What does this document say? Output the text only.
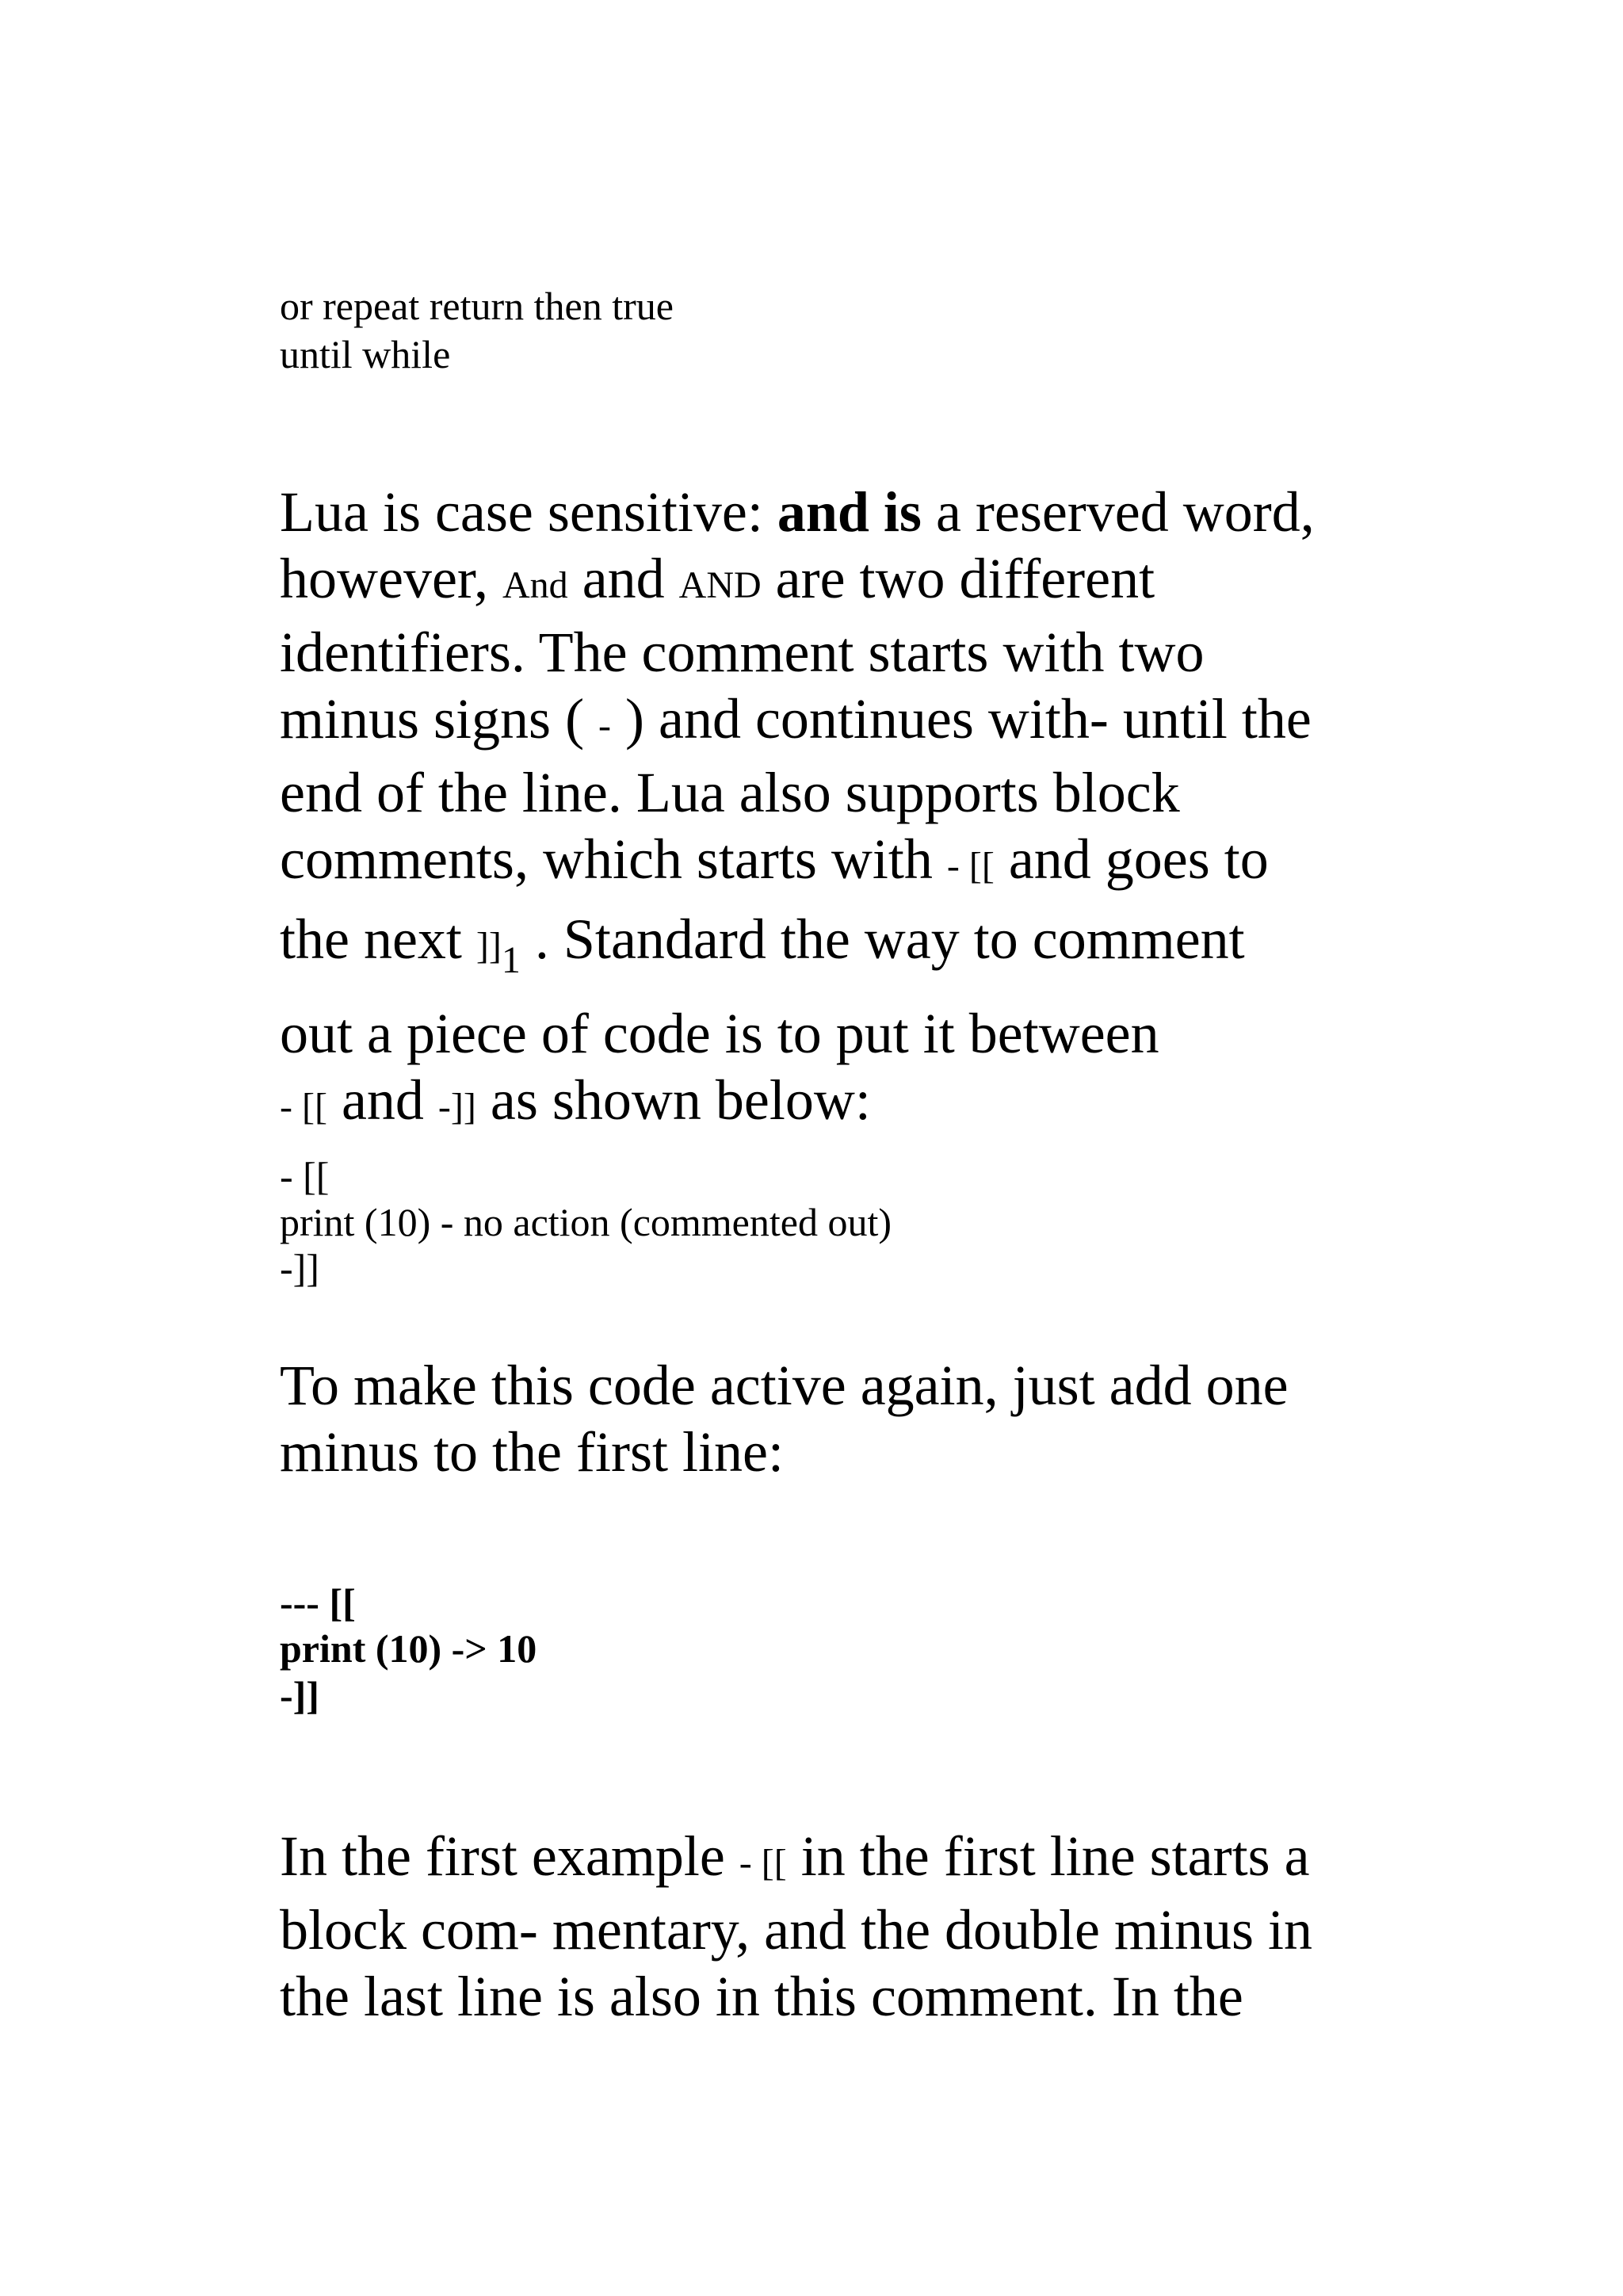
or repeat return then true
until while
Lua is case sensitive: and is a reserved word,
however, And and AND are two different
identifiers. The comment starts with two
minus signs ( - ) and continues with- until the
end of the line. Lua also supports block
comments, which starts with - [[ and goes to
the next ]]$_1$ . Standard the way to comment
out a piece of code is to put it between
- [[ and -]] as shown below:
- [[
print (10) - no action (commented out)
-]]
To make this code active again, just add one
minus to the first line:
--- [[
print (10) -> 10
-]]
In the first example - [[ in the first line starts a
block com- mentary, and the double minus in
the last line is also in this comment. In the
